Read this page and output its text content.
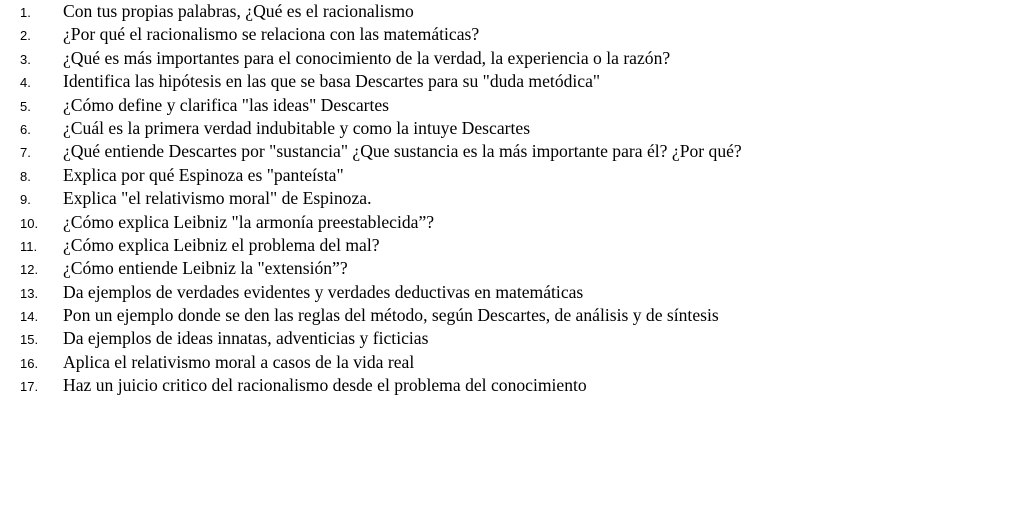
1.	Con tus propias palabras, ¿Qué es el racionalismo
2.	¿Por qué el racionalismo se relaciona con las matemáticas?
3.	¿Qué es más importantes para el conocimiento de la verdad, la experiencia o la razón?
4.	Identifica las hipótesis en las que se basa Descartes para su "duda metódica"
5.	¿Cómo define y clarifica "las ideas" Descartes
6.	¿Cuál es la primera verdad indubitable y como la intuye Descartes
7.	¿Qué entiende Descartes por "sustancia" ¿Que sustancia es la más importante para él? ¿Por qué?
8.	Explica por qué Espinoza es "panteísta"
9.	Explica "el relativismo moral" de Espinoza.
10.	¿Cómo explica Leibniz "la armonía preestablecida”?
11.	¿Cómo explica Leibniz el problema del mal?
12.	¿Cómo entiende Leibniz la "extensión”?
13.	Da ejemplos de verdades evidentes y verdades deductivas en matemáticas
14.	Pon un ejemplo donde se den las reglas del método, según Descartes, de análisis y de síntesis
15.	Da ejemplos de ideas innatas, adventicias y ficticias
16.	Aplica el relativismo moral a casos de la vida real
17.	Haz un juicio critico del racionalismo desde el problema del conocimiento
